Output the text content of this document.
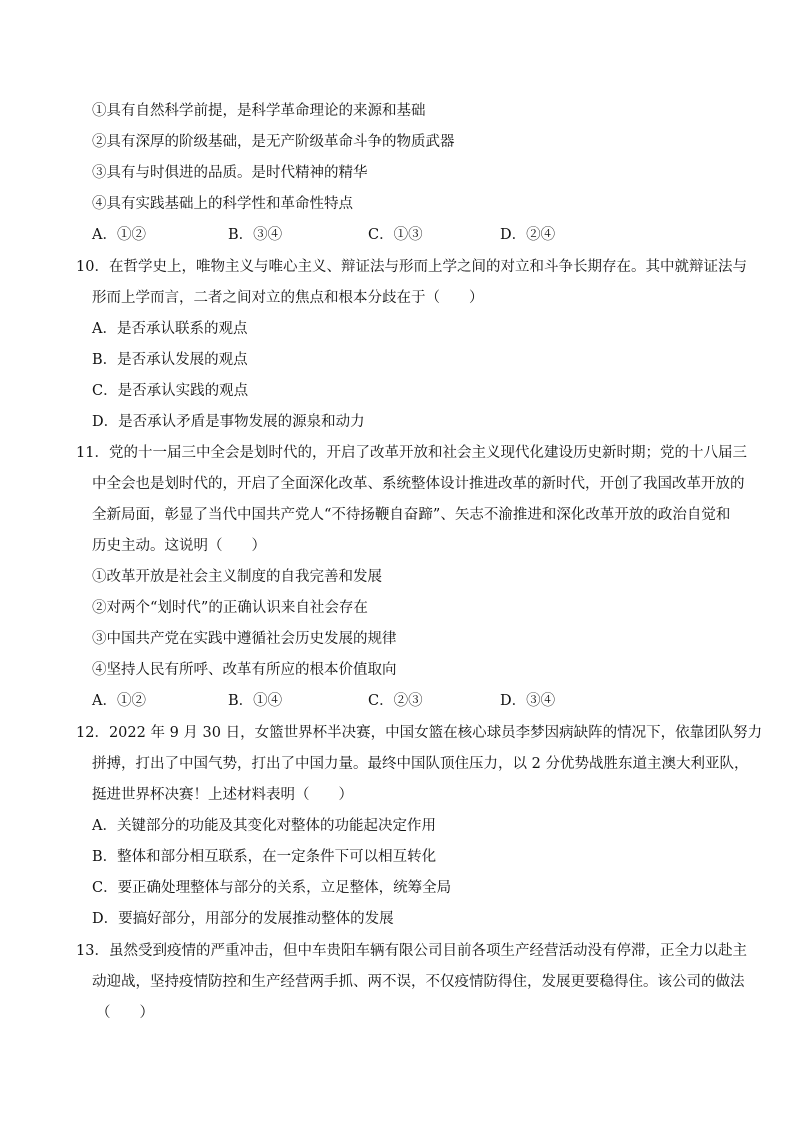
①具有自然科学前提，是科学革命理论的来源和基础
②具有深厚的阶级基础，是无产阶级革命斗争的物质武器
③具有与时俱进的品质。是时代精神的精华
④具有实践基础上的科学性和革命性特点
A．①②	B．③④	C．①③	D．②④
10．在哲学史上，唯物主义与唯心主义、辩证法与形而上学之间的对立和斗争长期存在。其中就辩证法与
形而上学而言，二者之间对立的焦点和根本分歧在于（　　）
A．是否承认联系的观点
B．是否承认发展的观点
C．是否承认实践的观点
D．是否承认矛盾是事物发展的源泉和动力
11．党的十一届三中全会是划时代的，开启了改革开放和社会主义现代化建设历史新时期；党的十八届三
中全会也是划时代的，开启了全面深化改革、系统整体设计推进改革的新时代，开创了我国改革开放的
全新局面，彰显了当代中国共产党人“不待扬鞭自奋蹄”、矢志不渝推进和深化改革开放的政治自觉和
历史主动。这说明（　　）
①改革开放是社会主义制度的自我完善和发展
②对两个“划时代”的正确认识来自社会存在
③中国共产党在实践中遵循社会历史发展的规律
④坚持人民有所呼、改革有所应的根本价值取向
A．①②	B．①④	C．②③	D．③④
12．2022 年 9 月 30 日，女篮世界杯半决赛，中国女篮在核心球员李梦因病缺阵的情况下，依靠团队努力
拼搏，打出了中国气势，打出了中国力量。最终中国队顶住压力，以 2 分优势战胜东道主澳大利亚队，
挺进世界杯决赛！上述材料表明（　　）
A．关键部分的功能及其变化对整体的功能起决定作用
B．整体和部分相互联系，在一定条件下可以相互转化
C．要正确处理整体与部分的关系，立足整体，统筹全局
D．要搞好部分，用部分的发展推动整体的发展
13．虽然受到疫情的严重冲击，但中车贵阳车辆有限公司目前各项生产经营活动没有停滞，正全力以赴主
动迎战，坚持疫情防控和生产经营两手抓、两不误，不仅疫情防得住，发展更要稳得住。该公司的做法
（　　）
